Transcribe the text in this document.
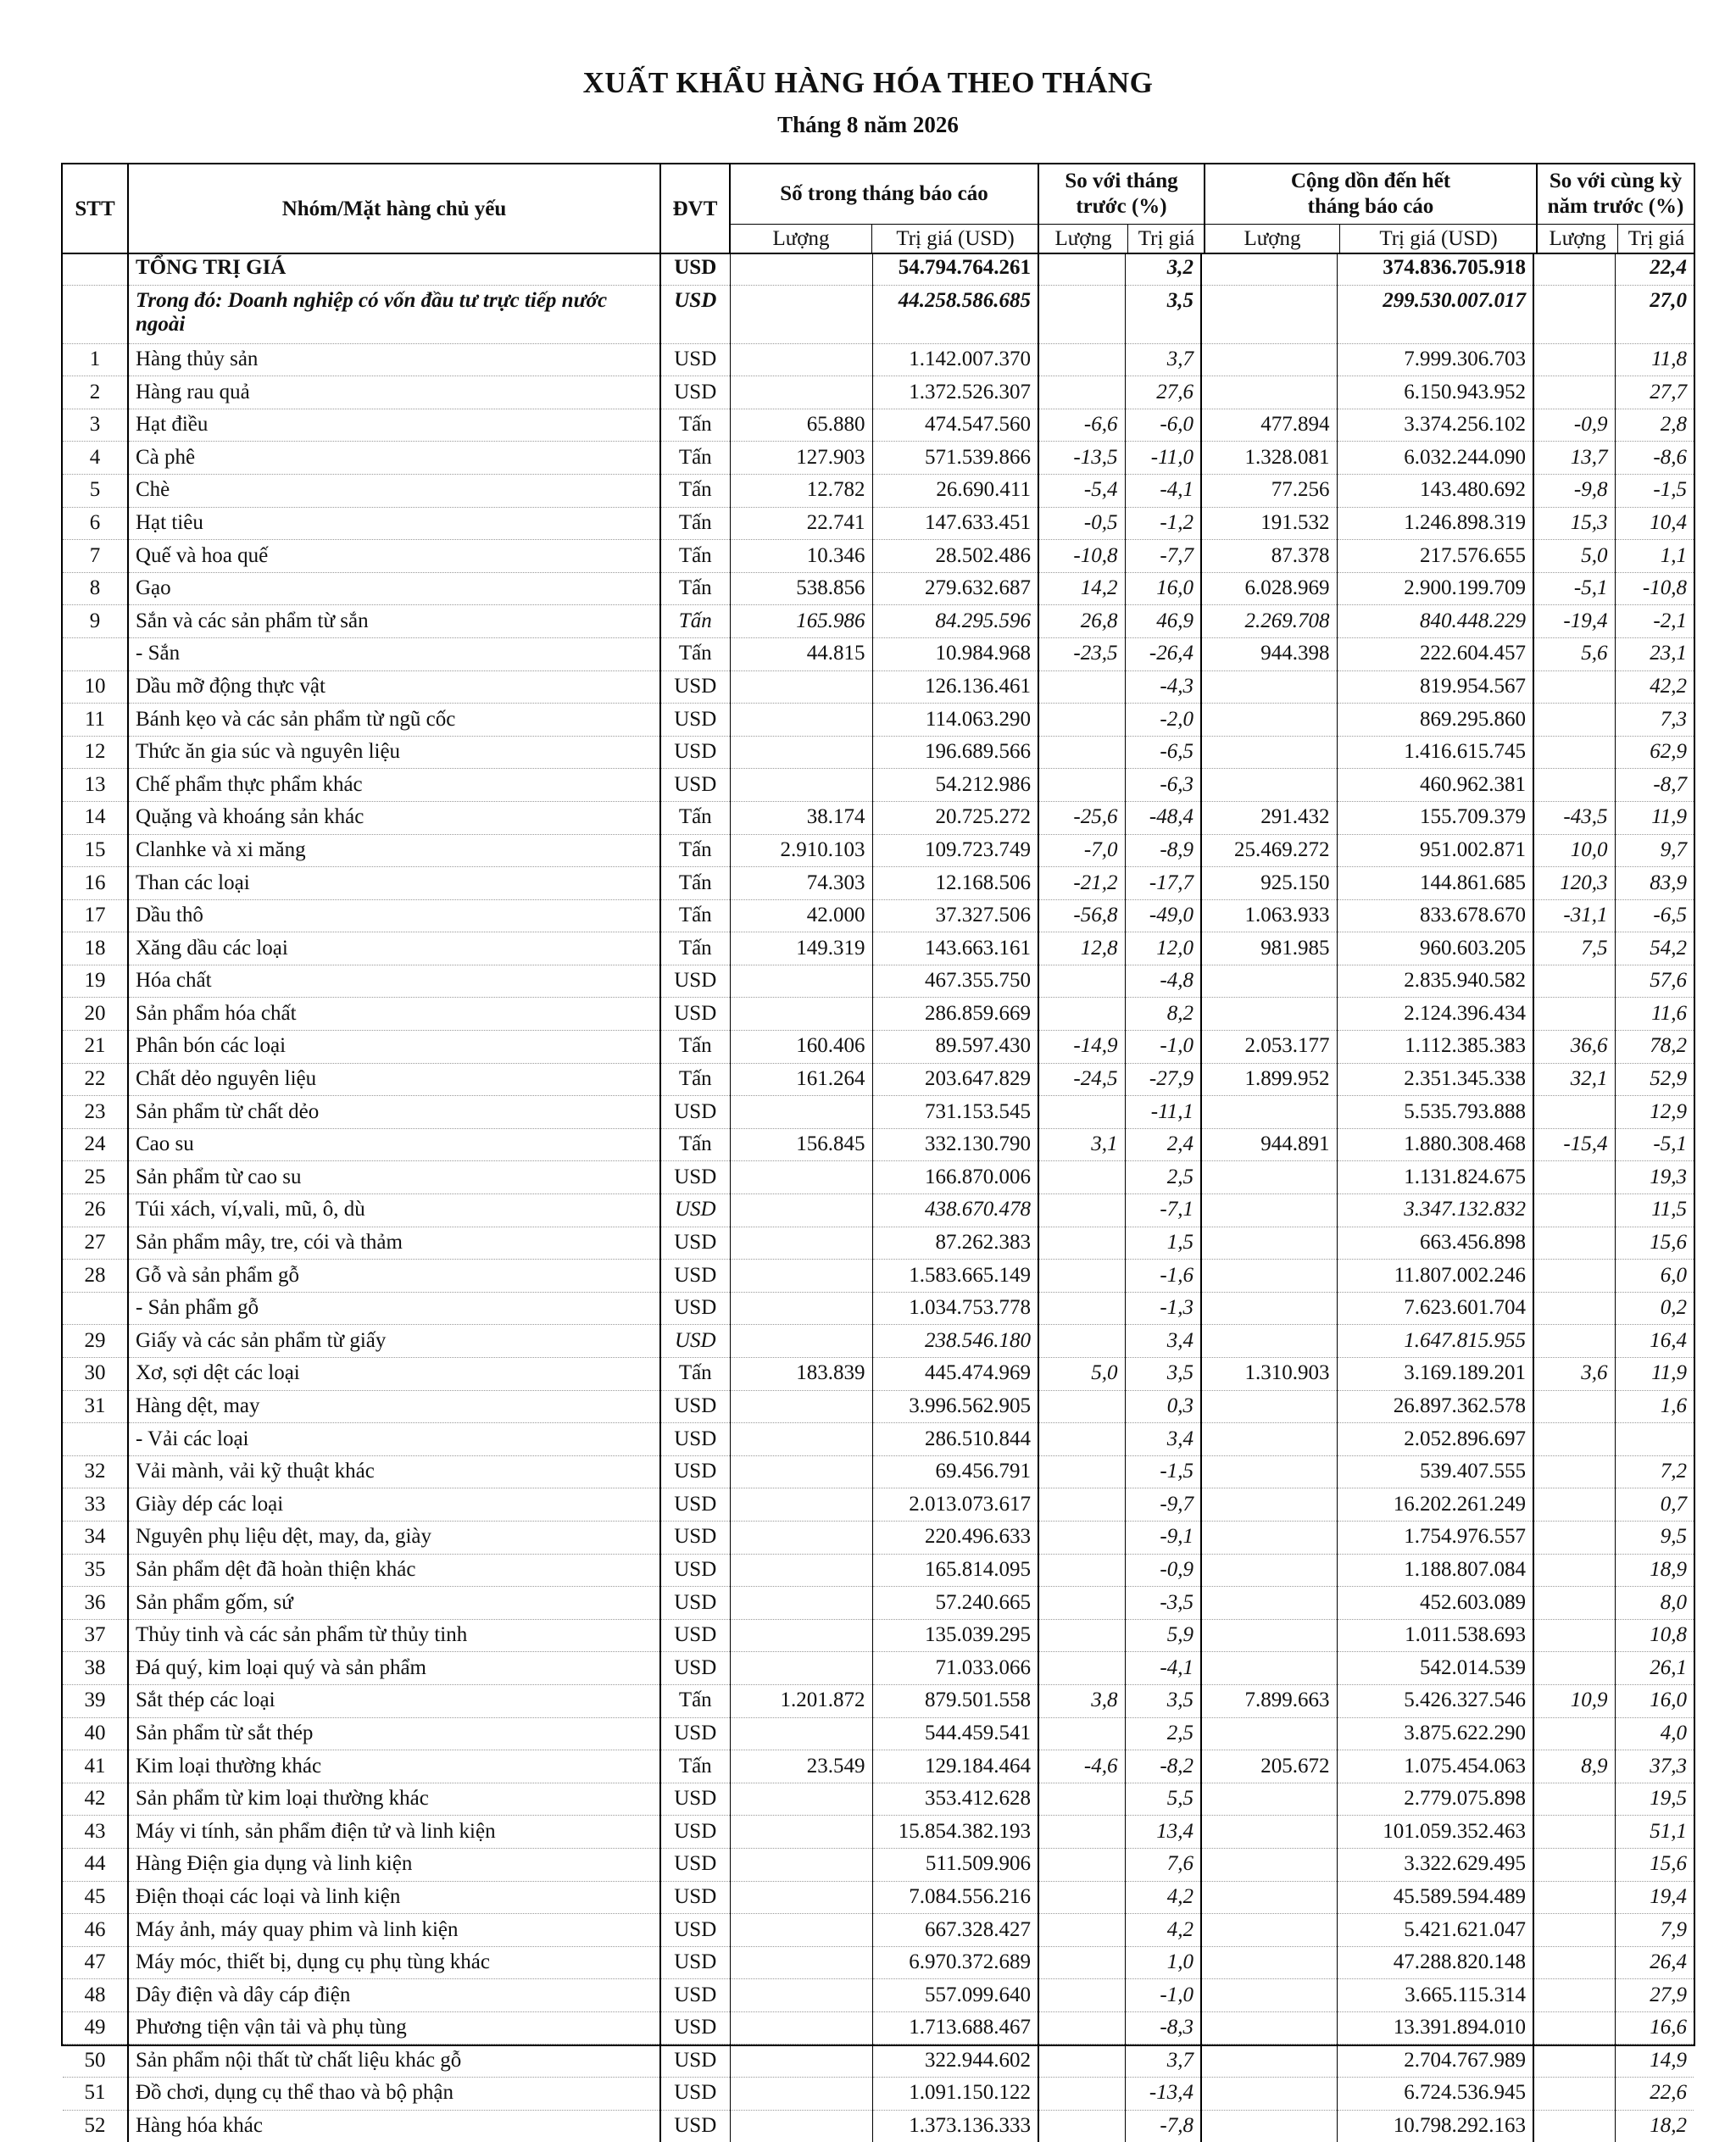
XUẤT KHẨU HÀNG HÓA THEO THÁNG
Tháng 8 năm 2026
STT	Nhóm/Mặt hàng chủ yếu	ĐVT
Số trong tháng báo cáo
So với tháng trước (%)
Cộng dồn đến hết tháng báo cáo
So với cùng kỳ năm trước (%)
Lượng	Trị giá (USD)	Lượng	Trị giá	Lượng	Trị giá (USD)	Lượng	Trị giá
	TỔNG TRỊ GIÁ	USD		54.794.764.261		3,2		374.836.705.918		22,4
	Trong đó: Doanh nghiệp có vốn đầu tư trực tiếp nước ngoài	USD		44.258.586.685		3,5		299.530.007.017		27,0
1	Hàng thủy sản	USD		1.142.007.370		3,7		7.999.306.703		11,8
2	Hàng rau quả	USD		1.372.526.307		27,6		6.150.943.952		27,7
3	Hạt điều	Tấn	65.880	474.547.560	-6,6	-6,0	477.894	3.374.256.102	-0,9	2,8
4	Cà phê	Tấn	127.903	571.539.866	-13,5	-11,0	1.328.081	6.032.244.090	13,7	-8,6
5	Chè	Tấn	12.782	26.690.411	-5,4	-4,1	77.256	143.480.692	-9,8	-1,5
6	Hạt tiêu	Tấn	22.741	147.633.451	-0,5	-1,2	191.532	1.246.898.319	15,3	10,4
7	Quế và hoa quế	Tấn	10.346	28.502.486	-10,8	-7,7	87.378	217.576.655	5,0	1,1
8	Gạo	Tấn	538.856	279.632.687	14,2	16,0	6.028.969	2.900.199.709	-5,1	-10,8
9	Sắn và các sản phẩm từ sắn	Tấn	165.986	84.295.596	26,8	46,9	2.269.708	840.448.229	-19,4	-2,1
	- Sắn	Tấn	44.815	10.984.968	-23,5	-26,4	944.398	222.604.457	5,6	23,1
10	Dầu mỡ động thực vật	USD		126.136.461		-4,3		819.954.567		42,2
11	Bánh kẹo và các sản phẩm từ ngũ cốc	USD		114.063.290		-2,0		869.295.860		7,3
12	Thức ăn gia súc và nguyên liệu	USD		196.689.566		-6,5		1.416.615.745		62,9
13	Chế phẩm thực phẩm khác	USD		54.212.986		-6,3		460.962.381		-8,7
14	Quặng và khoáng sản khác	Tấn	38.174	20.725.272	-25,6	-48,4	291.432	155.709.379	-43,5	11,9
15	Clanhke và xi măng	Tấn	2.910.103	109.723.749	-7,0	-8,9	25.469.272	951.002.871	10,0	9,7
16	Than các loại	Tấn	74.303	12.168.506	-21,2	-17,7	925.150	144.861.685	120,3	83,9
17	Dầu thô	Tấn	42.000	37.327.506	-56,8	-49,0	1.063.933	833.678.670	-31,1	-6,5
18	Xăng dầu các loại	Tấn	149.319	143.663.161	12,8	12,0	981.985	960.603.205	7,5	54,2
19	Hóa chất	USD		467.355.750		-4,8		2.835.940.582		57,6
20	Sản phẩm hóa chất	USD		286.859.669		8,2		2.124.396.434		11,6
21	Phân bón các loại	Tấn	160.406	89.597.430	-14,9	-1,0	2.053.177	1.112.385.383	36,6	78,2
22	Chất dẻo nguyên liệu	Tấn	161.264	203.647.829	-24,5	-27,9	1.899.952	2.351.345.338	32,1	52,9
23	Sản phẩm từ chất dẻo	USD		731.153.545		-11,1		5.535.793.888		12,9
24	Cao su	Tấn	156.845	332.130.790	3,1	2,4	944.891	1.880.308.468	-15,4	-5,1
25	Sản phẩm từ cao su	USD		166.870.006		2,5		1.131.824.675		19,3
26	Túi xách, ví,vali, mũ, ô, dù	USD		438.670.478		-7,1		3.347.132.832		11,5
27	Sản phẩm mây, tre, cói và thảm	USD		87.262.383		1,5		663.456.898		15,6
28	Gỗ và sản phẩm gỗ	USD		1.583.665.149		-1,6		11.807.002.246		6,0
	- Sản phẩm gỗ	USD		1.034.753.778		-1,3		7.623.601.704		0,2
29	Giấy và các sản phẩm từ giấy	USD		238.546.180		3,4		1.647.815.955		16,4
30	Xơ, sợi dệt các loại	Tấn	183.839	445.474.969	5,0	3,5	1.310.903	3.169.189.201	3,6	11,9
31	Hàng dệt, may	USD		3.996.562.905		0,3		26.897.362.578		1,6
	- Vải các loại	USD		286.510.844		3,4		2.052.896.697		
32	Vải mành, vải kỹ thuật khác	USD		69.456.791		-1,5		539.407.555		7,2
33	Giày dép các loại	USD		2.013.073.617		-9,7		16.202.261.249		0,7
34	Nguyên phụ liệu dệt, may, da, giày	USD		220.496.633		-9,1		1.754.976.557		9,5
35	Sản phẩm dệt đã hoàn thiện khác	USD		165.814.095		-0,9		1.188.807.084		18,9
36	Sản phẩm gốm, sứ	USD		57.240.665		-3,5		452.603.089		8,0
37	Thủy tinh và các sản phẩm từ thủy tinh	USD		135.039.295		5,9		1.011.538.693		10,8
38	Đá quý, kim loại quý và sản phẩm	USD		71.033.066		-4,1		542.014.539		26,1
39	Sắt thép các loại	Tấn	1.201.872	879.501.558	3,8	3,5	7.899.663	5.426.327.546	10,9	16,0
40	Sản phẩm từ sắt thép	USD		544.459.541		2,5		3.875.622.290		4,0
41	Kim loại thường khác	Tấn	23.549	129.184.464	-4,6	-8,2	205.672	1.075.454.063	8,9	37,3
42	Sản phẩm từ kim loại thường khác	USD		353.412.628		5,5		2.779.075.898		19,5
43	Máy vi tính, sản phẩm điện tử và linh kiện	USD		15.854.382.193		13,4		101.059.352.463		51,1
44	Hàng Điện gia dụng và linh kiện	USD		511.509.906		7,6		3.322.629.495		15,6
45	Điện thoại các loại và linh kiện	USD		7.084.556.216		4,2		45.589.594.489		19,4
46	Máy ảnh, máy quay phim và linh kiện	USD		667.328.427		4,2		5.421.621.047		7,9
47	Máy móc, thiết bị, dụng cụ phụ tùng khác	USD		6.970.372.689		1,0		47.288.820.148		26,4
48	Dây điện và dây cáp điện	USD		557.099.640		-1,0		3.665.115.314		27,9
49	Phương tiện vận tải và phụ tùng	USD		1.713.688.467		-8,3		13.391.894.010		16,6
50	Sản phẩm nội thất từ chất liệu khác gỗ	USD		322.944.602		3,7		2.704.767.989		14,9
51	Đồ chơi, dụng cụ thể thao và bộ phận	USD		1.091.150.122		-13,4		6.724.536.945		22,6
52	Hàng hóa khác	USD		1.373.136.333		-7,8		10.798.292.163		18,2
